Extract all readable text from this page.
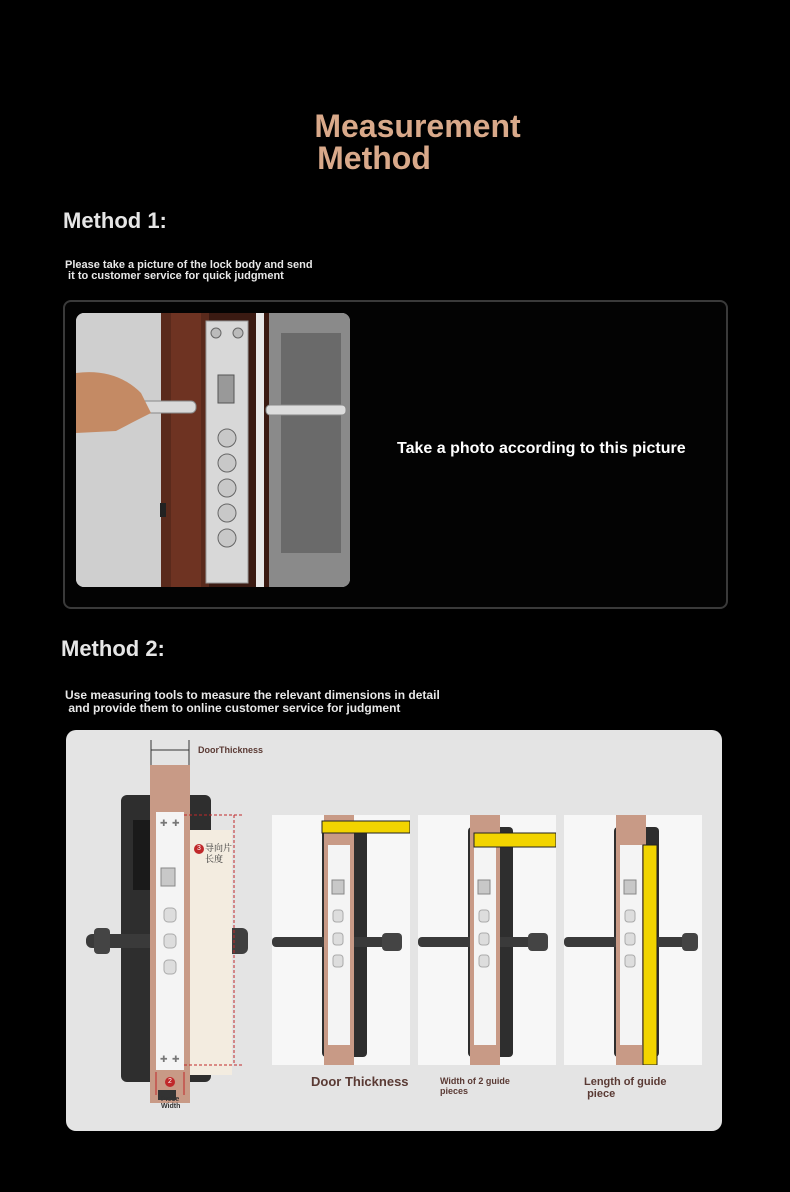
Measurement
Method
Method 1:
Please take a picture of the lock body and send
it to customer service for quick judgment
Take a photo according to this picture
Method 2:
Use measuring tools to measure the relevant dimensions in detail
and provide them to online customer service for judgment
✚ ✚
✚ ✚
DoorThickness
3 导向片
长度
2
Piece
Width
Door Thickness	Width of 2 guide
pieces
Length of guide
piece
